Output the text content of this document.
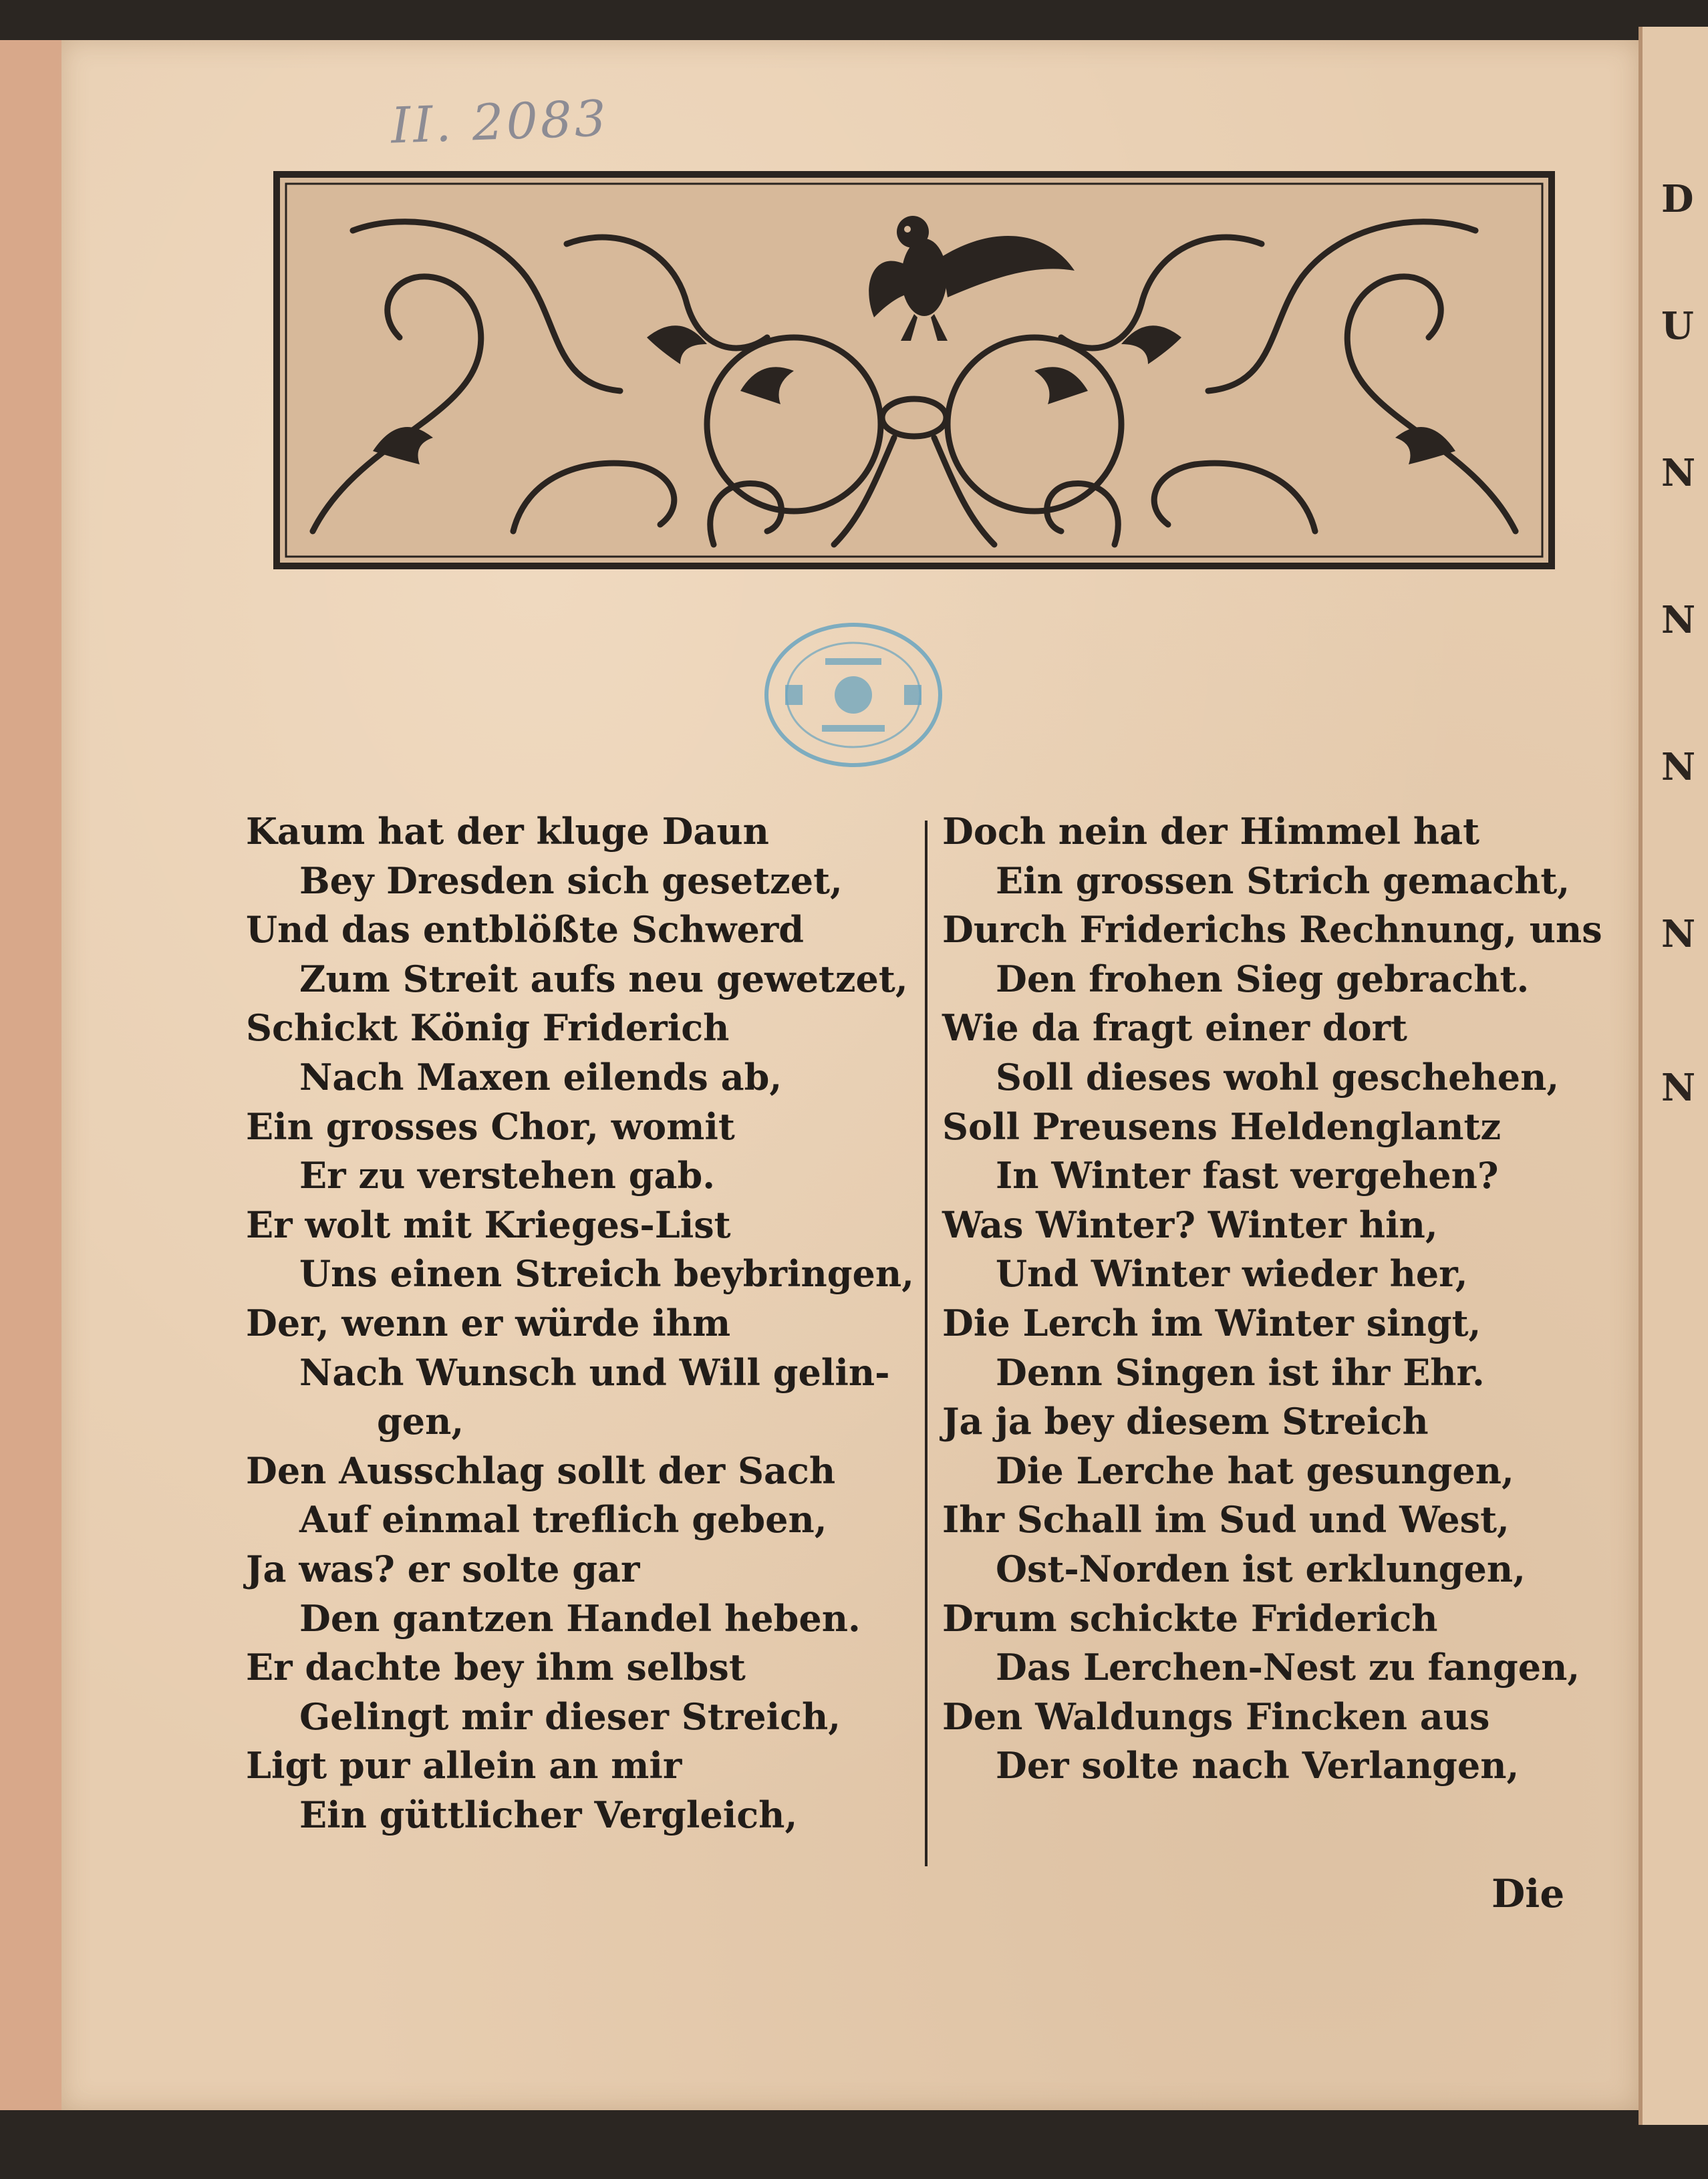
D
U
N
N
N
N
N
II. 2083
Kaum hat der kluge Daun
Bey Dresden sich gesetzet,
Und das entblößte Schwerd
Zum Streit aufs neu gewetzet,
Schickt König Friderich
Nach Maxen eilends ab,
Ein grosses Chor, womit
Er zu verstehen gab.
Er wolt mit Krieges-List
Uns einen Streich beybringen,
Der, wenn er würde ihm
Nach Wunsch und Will gelin-
gen,
Den Ausschlag sollt der Sach
Auf einmal treflich geben,
Ja was? er solte gar
Den gantzen Handel heben.
Er dachte bey ihm selbst
Gelingt mir dieser Streich,
Ligt pur allein an mir
Ein güttlicher Vergleich,
Doch nein der Himmel hat
Ein grossen Strich gemacht,
Durch Friderichs Rechnung, uns
Den frohen Sieg gebracht.
Wie da fragt einer dort
Soll dieses wohl geschehen,
Soll Preusens Heldenglantz
In Winter fast vergehen?
Was Winter? Winter hin,
Und Winter wieder her,
Die Lerch im Winter singt,
Denn Singen ist ihr Ehr.
Ja ja bey diesem Streich
Die Lerche hat gesungen,
Ihr Schall im Sud und West,
Ost-Norden ist erklungen,
Drum schickte Friderich
Das Lerchen-Nest zu fangen,
Den Waldungs Fincken aus
Der solte nach Verlangen,
Die
